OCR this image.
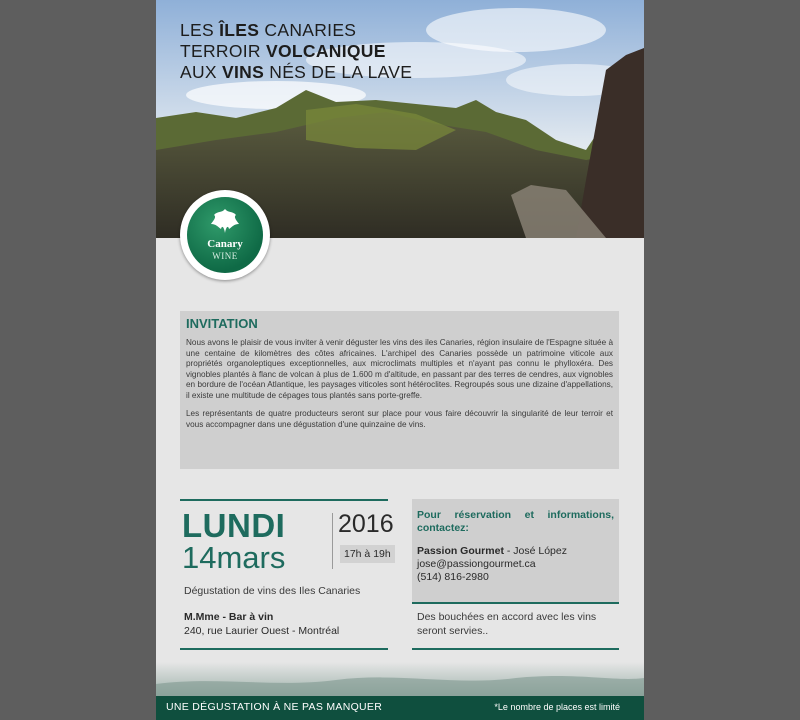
LES ÎLES CANARIES
TERROIR VOLCANIQUE
AUX VINS NÉS DE LA LAVE
Canary
WINE
INVITATION

Nous avons le plaisir de vous inviter à venir déguster les vins des iles Canaries, région insulaire de l'Espagne située à une centaine de kilomètres des côtes africaines. L'archipel des Canaries possède un patrimoine viticole aux propriétés organoleptiques exceptionnelles, aux microclimats multiples et n'ayant pas connu le phylloxéra. Des vignobles plantés à flanc de volcan à plus de 1.600 m d'altitude, en passant par des terres de cendres, aux vignobles en bordure de l'océan Atlantique, les paysages viticoles sont hétéroclites. Regroupés sous une dizaine d'appellations, il existe une multitude de cépages tous plantés sans porte-greffe.

Les représentants de quatre producteurs seront sur place pour vous faire découvrir la singularité de leur terroir et vous accompagner dans une dégustation d'une quinzaine de vins.

LUNDI
14mars
2016
17h à 19h
Dégustation de vins des Iles Canaries
M.Mme - Bar à vin
240, rue Laurier Ouest - Montréal
Pour réservation et informations,
contactez:
Passion Gourmet - José López
jose@passiongourmet.ca
(514) 816-2980
Des bouchées en accord avec les vins seront servies..
UNE DÉGUSTATION À NE PAS MANQUER	*Le nombre de places est limité
